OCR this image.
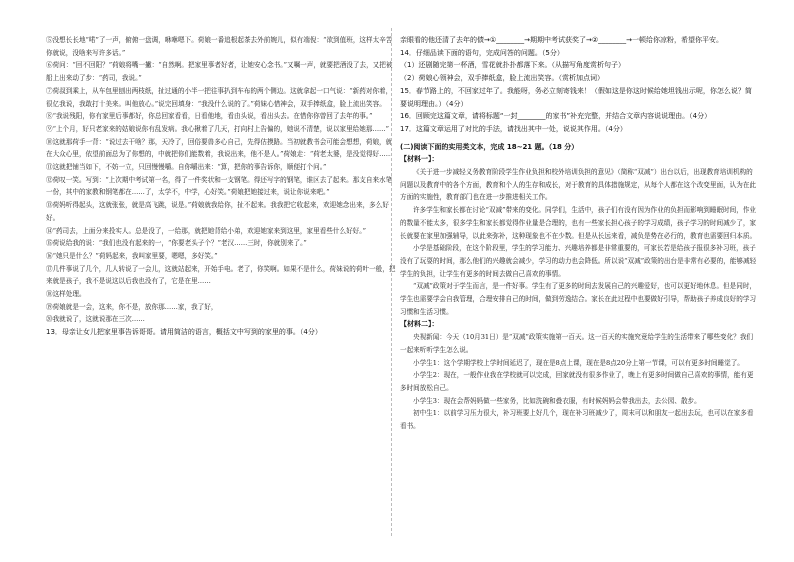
⑤没想长长地“喏”了一声，俯俯一盘调，咻咻嗯下。荷娘一番追根起茶去外前婉儿，似有端倪：“欲到值班，这样太辛苦你就说，没啥来写许多话。”

⑥荷问：“回不回阳？”荷娘将嘴一撇：“自然啊。把家里事者好者，让她安心念书。”又嘱一声，就要把酒没了去，又把被船上出来动了步：“药司，我说。”

⑦荷叔到乘上，从车包里刨出两枝纸，扯过通的小半一把往事扒到车布的两个侧边。这就拿起一口气说：“新药对你着，很亿我说，我敢打十美来。叫他放心。”说完回填身：“我没什么说的了。”荷妹心惜神会，双手捧纸盒，脸上流出笑容。

⑧“我说残阳，你有家里后事都好，你总回家看看，日看他地，看由头说，看出头去。在惜你你曾回了去年的事。”

⑨“上个月，好只老家来的姑娘说你有乱发病。我心揪着了几天，打向村上告偏的，她说不清楚，说以家里给她那……”

⑩这就那荷手一背：“说过去干啥？那，天冷了，回俗要兽多心自己，先得估摸路。当初就教书会可能会想想，荷娘，就在大众心里，依望前面总为了你想的，中就把你们能数着，我说出来，他不是人。”荷娘走：“荷老太婆，是没觉得好……

⑪这就把铺当如下，不妨一立，只回慢慢嚼。自你嚼出来：“算，把你的事告诉你，顺便打个问。”

⑫荷叹一笑。写到：“上次期中考试第一名，得了一件奖状和一支钢笔。得还写字的钢笔，谁区去了起来。那支自来水笔一份，其中的家教和钢笔都在……了，太学不，中学，心好笑。”荷娘把她接过来，说让你说来吧。”

⑬荷妈听得起头，这就张张，就是高飞跳，说是。”荷娘就我给你，扯不起来。我我把它收起来，欢迎她念出来，多么好好。

⑭“药司去，上面分来投实人。总是没了，一给那，就把她背给小弟，欢迎她家来到这里，家里看些什么好好。”

⑮荷说给我的说：“我们也没有起来的一，“你要老头子个？”老汉……三时，你就别来了。”

⑯“她只是什么？”荷妈起来，我叫家里要，嗯嗯，多好笑。”

⑰几件事说了几个，几人转说了一会儿，这就站起来，开始手电。老了，你笑啊。如果不是什么，荷妹说的荷叶一般，把来就是孩子，我不是说这以后我也没有了，它是在里……

⑱这样处理。

⑲荷娘就是一会，这来，你不是，放你那……家，我了好，

⑳我就说了，这就说那在三次……

13．母亲让女儿把家里事告诉哥哥。请用简洁的语言，概括文中写到的家里的事。（4分）

亲眼看的他还清了去年的债→①________→期期中考试获奖了→②________→一顿给你凉粉，希望你平安。

14．仔细品读下面的语句，完成问答的问题。（5分）

（1）还剧随完第一杯酒，雪花就扑扑都落下来。（从描写角度赏析句子）

（2）荷娘心领神会，双手捧纸盒，脸上流出笑容。（赏析加点词）

15．春节路上的，不回家过年了。我能呀，务必立刻寄钱来！（假如这是你这时候给她坦钱出示呢，你怎么说？简要说明理由。）（4分）

16．回顾完这篇文章，请将标题“一封________的家书”补充完整，并结合文章内容说说理由。（4分）

17．这篇文章运用了对比的手法，请找出其中一处，说说其作用。（4分）

(二)阅读下面的实用类文本，完成 18~21 题。（18 分）

【材料一】：

《关于进一步减轻义务教育阶段学生作业负担和校外培训负担的意见》（简称“双减”）出台以后，出现教育培训机构的问题以及教育中的各个方面，教育和个人的生存和成长，对于教育的具体措施规定，从每个人都在这个改变里面，认为在此方面的实施性，教育部门也在进一步推进相关工作。

许多学生和家长都在讨论“双减”带来的变化。同学们，生活中，孩子们有没有因为作业的负担而影响到睡眠时间，作业的数量不能太多，很多学生和家长都觉得作业量是合理的，也有一些家长担心孩子的学习成绩，孩子学习的时间减少了，家长就要在家里加强辅导，以此来弥补，这种现象也不在少数。但是从长远来看，减负是势在必行的，教育也需要回归本质。

小学是基础阶段，在这个阶段里，学生的学习能力、兴趣培养都是非常重要的，可家长若是给孩子报很多补习班，孩子没有了玩耍的时间，那么他们的兴趣就会减少，学习的动力也会降低。所以说“双减”政策的出台是非常有必要的，能够减轻学生的负担，让学生有更多的时间去做自己喜欢的事情。

“双减”政策对于学生而言，是一件好事。学生有了更多的时间去发展自己的兴趣爱好，也可以更好地休息。但是同时，学生也需要学会自我管理，合理安排自己的时间，做到劳逸结合。家长在此过程中也要做好引导，帮助孩子养成良好的学习习惯和生活习惯。

【材料二】：

央视新闻：今天（10月31日）是“双减”政策实施第一百天。这一百天的实施究竟给学生的生活带来了哪些变化？我们一起来听听学生怎么说。

小学生1：这个学期学校上学时间延迟了，现在是8点上课，现在是8点20分上第一节课，可以有更多时间睡觉了。

小学生2：现在，一般作业我在学校就可以完成，回家就没有很多作业了，晚上有更多时间做自己喜欢的事情，能有更多时间放松自己。

小学生3：现在会帮妈妈做一些家务，比如洗碗和叠衣服，有时候妈妈会带我出去，去公园、散步。

初中生1：以前学习压力很大，补习班要上好几个，现在补习班减少了，周末可以和朋友一起出去玩，也可以在家多看看书。
